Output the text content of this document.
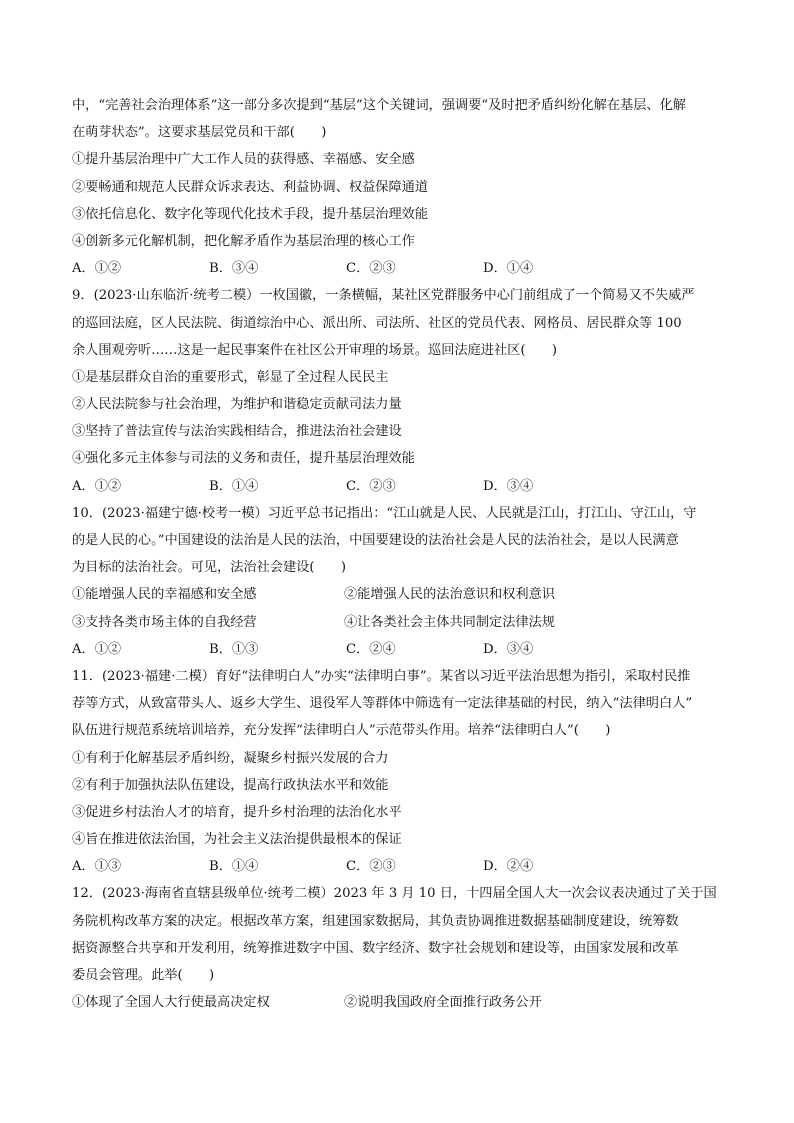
中，“完善社会治理体系”这一部分多次提到“基层”这个关键词，强调要“及时把矛盾纠纷化解在基层、化解
在萌芽状态”。这要求基层党员和干部(　　)
①提升基层治理中广大工作人员的获得感、幸福感、安全感
②要畅通和规范人民群众诉求表达、利益协调、权益保障通道
③依托信息化、数字化等现代化技术手段，提升基层治理效能
④创新多元化解机制，把化解矛盾作为基层治理的核心工作
A．①②	B．③④	C．②③	D．①④
9．(2023·山东临沂·统考二模）一枚国徽，一条横幅，某社区党群服务中心门前组成了一个简易又不失威严
的巡回法庭，区人民法院、街道综治中心、派出所、司法所、社区的党员代表、网格员、居民群众等 100
余人围观旁听……这是一起民事案件在社区公开审理的场景。巡回法庭进社区(　　)
①是基层群众自治的重要形式，彰显了全过程人民民主
②人民法院参与社会治理，为维护和谐稳定贡献司法力量
③坚持了普法宣传与法治实践相结合，推进法治社会建设
④强化多元主体参与司法的义务和责任，提升基层治理效能
A．①②	B．①④	C．②③	D．③④
10．(2023·福建宁德·校考一模）习近平总书记指出：“江山就是人民、人民就是江山，打江山、守江山，守
的是人民的心。”中国建设的法治是人民的法治，中国要建设的法治社会是人民的法治社会，是以人民满意
为目标的法治社会。可见，法治社会建设(　　)
①能增强人民的幸福感和安全感	②能增强人民的法治意识和权利意识
③支持各类市场主体的自我经营	④让各类社会主体共同制定法律法规
A．①②	B．①③	C．②④	D．③④
11．(2023·福建·二模）育好“法律明白人”办实“法律明白事”。某省以习近平法治思想为指引，采取村民推
荐等方式，从致富带头人、返乡大学生、退役军人等群体中筛选有一定法律基础的村民，纳入“法律明白人”
队伍进行规范系统培训培养，充分发挥“法律明白人”示范带头作用。培养“法律明白人”(　　)
①有利于化解基层矛盾纠纷，凝聚乡村振兴发展的合力
②有利于加强执法队伍建设，提高行政执法水平和效能
③促进乡村法治人才的培育，提升乡村治理的法治化水平
④旨在推进依法治国，为社会主义法治提供最根本的保证
A．①③	B．①④	C．②③	D．②④
12．(2023·海南省直辖县级单位·统考二模）2023 年 3 月 10 日，十四届全国人大一次会议表决通过了关于国
务院机构改革方案的决定。根据改革方案，组建国家数据局，其负责协调推进数据基础制度建设，统筹数
据资源整合共享和开发利用，统筹推进数字中国、数字经济、数字社会规划和建设等，由国家发展和改革
委员会管理。此举(　　)
①体现了全国人大行使最高决定权	②说明我国政府全面推行政务公开
